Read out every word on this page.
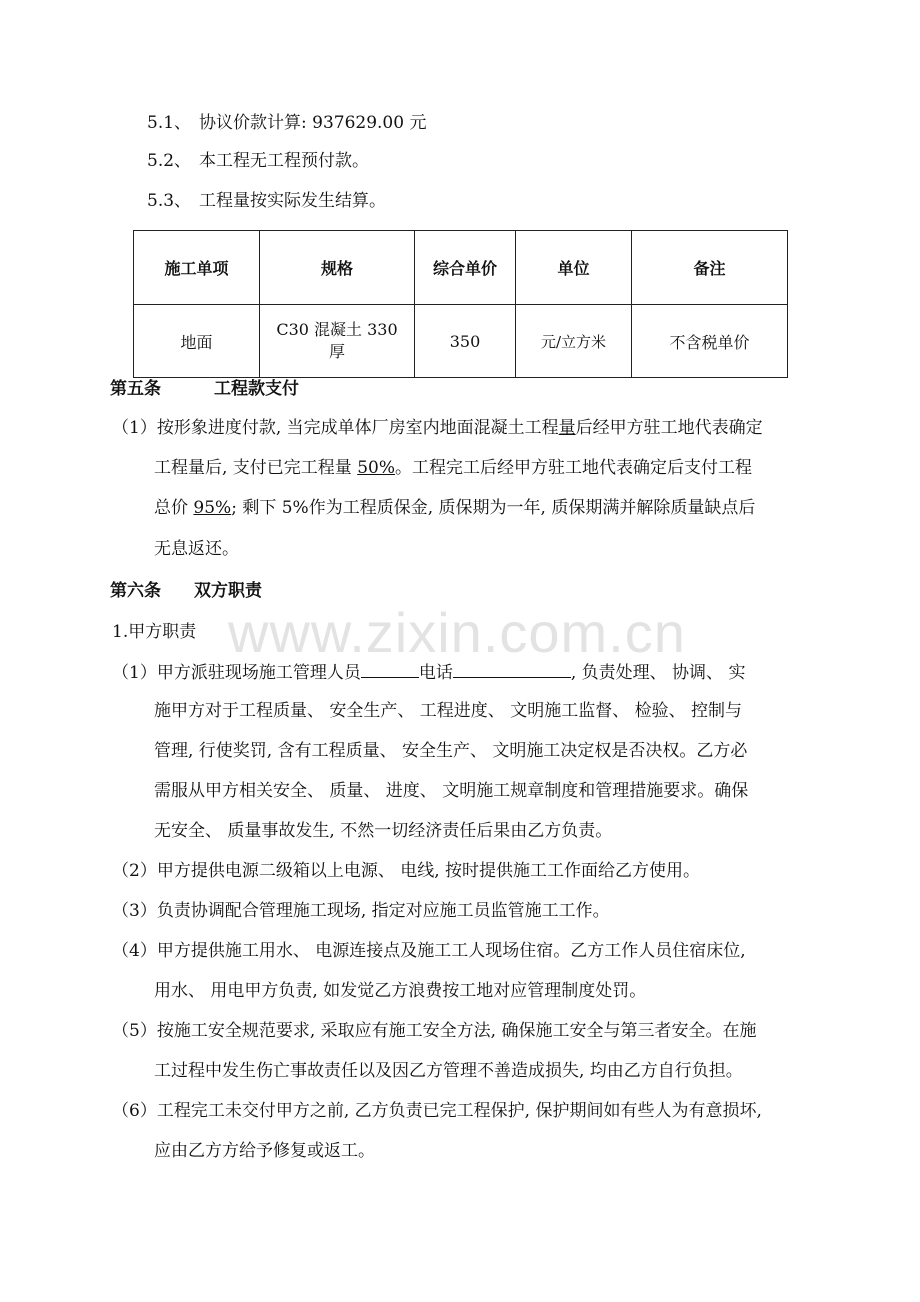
www.zixin.com.cn
5.1、 协议价款计算: 937629.00 元
5.2、 本工程无工程预付款。
5.3、 工程量按实际发生结算。
施工单项	规格	综合单价	单位	备注
地面	C30 混凝土 330 厚	350	元/立方米	不含税单价
第五条	工程款支付
（1）按形象进度付款, 当完成单体厂房室内地面混凝土工程量后经甲方驻工地代表确定
工程量后, 支付已完工程量 50%。工程完工后经甲方驻工地代表确定后支付工程
总价 95%; 剩下 5%作为工程质保金, 质保期为一年, 质保期满并解除质量缺点后
无息返还。
第六条 双方职责
1.甲方职责
（1）甲方派驻现场施工管理人员	电话	, 负责处理、 协调、 实
施甲方对于工程质量、 安全生产、 工程进度、 文明施工监督、 检验、 控制与
管理, 行使奖罚, 含有工程质量、 安全生产、 文明施工决定权是否决权。乙方必
需服从甲方相关安全、 质量、 进度、 文明施工规章制度和管理措施要求。确保
无安全、 质量事故发生, 不然一切经济责任后果由乙方负责。
（2）甲方提供电源二级箱以上电源、 电线, 按时提供施工工作面给乙方使用。
（3）负责协调配合管理施工现场, 指定对应施工员监管施工工作。
（4）甲方提供施工用水、 电源连接点及施工工人现场住宿。乙方工作人员住宿床位,
用水、 用电甲方负责, 如发觉乙方浪费按工地对应管理制度处罚。
（5）按施工安全规范要求, 采取应有施工安全方法, 确保施工安全与第三者安全。在施
工过程中发生伤亡事故责任以及因乙方管理不善造成损失, 均由乙方自行负担。
（6）工程完工未交付甲方之前, 乙方负责已完工程保护, 保护期间如有些人为有意损坏,
应由乙方方给予修复或返工。
